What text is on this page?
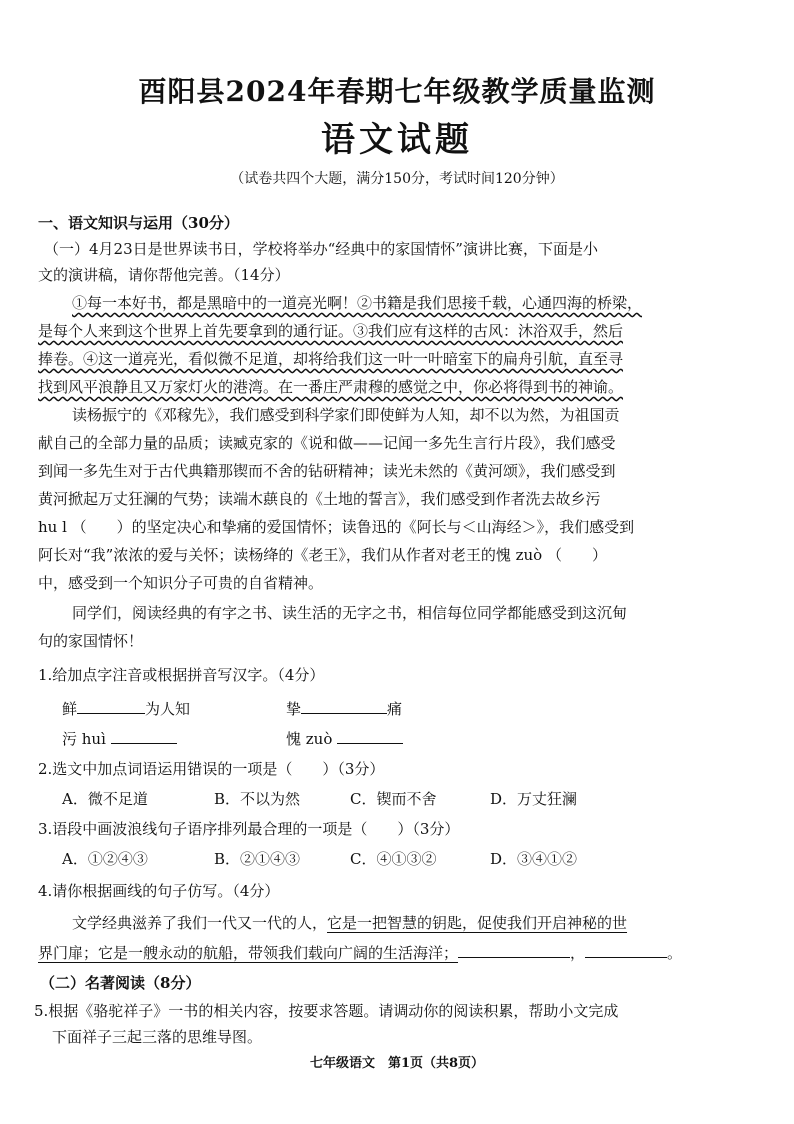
酉阳县2024年春期七年级教学质量监测
语文试题
（试卷共四个大题，满分150分，考试时间120分钟）
一、语文知识与运用（30分）
（一）4月23日是世界读书日，学校将举办“经典中的家国情怀”演讲比赛，下面是小
文的演讲稿，请你帮他完善。（14分）
①每一本好书，都是黑暗中的一道亮光啊！②书籍是我们思接千载，心通四海的桥梁，
是每个人来到这个世界上首先要拿到的通行证。③我们应有这样的古风：沐浴双手，然后
捧卷。④这一道亮光，看似微不足道，却将给我们这一叶一叶暗室下的扁舟引航，直至寻
找到风平浪静且又万家灯火的港湾。在一番庄严肃穆的感觉之中，你必将得到书的神谕。
读杨振宁的《邓稼先》，我们感受到科学家们即使鲜为人知，却不以为然，为祖国贡
献自己的全部力量的品质；读臧克家的《说和做——记闻一多先生言行片段》，我们感受
到闻一多先生对于古代典籍那锲而不舍的钻研精神；读光未然的《黄河颂》，我们感受到
黄河掀起万丈狂澜的气势；读端木蕻良的《土地的誓言》，我们感受到作者洗去故乡污
hu l （　　）的坚定决心和挚痛的爱国情怀；读鲁迅的《阿长与＜山海经＞》，我们感受到
阿长对“我”浓浓的爱与关怀；读杨绛的《老王》，我们从作者对老王的愧 zuò （　　）
中，感受到一个知识分子可贵的自省精神。
同学们，阅读经典的有字之书、读生活的无字之书，相信每位同学都能感受到这沉甸
句的家国情怀！
1.给加点字注音或根据拼音写汉字。（4分）
鲜	为人知	挚	痛
污 huì	愧 zuò
2.选文中加点词语运用错误的一项是（　　）（3分）
A．微不足道	B．不以为然	C．锲而不舍	D．万丈狂澜
3.语段中画波浪线句子语序排列最合理的一项是（　　）（3分）
A．①②④③	B．②①④③	C．④①③②	D．③④①②
4.请你根据画线的句子仿写。（4分）
文学经典滋养了我们一代又一代的人，它是一把智慧的钥匙，促使我们开启神秘的世
界门扉；它是一艘永动的航船，带领我们载向广阔的生活海洋；	，	。
（二）名著阅读（8分）
5.根据《骆驼祥子》一书的相关内容，按要求答题。请调动你的阅读积累，帮助小文完成
下面祥子三起三落的思维导图。
七年级语文　第1页（共8页）
